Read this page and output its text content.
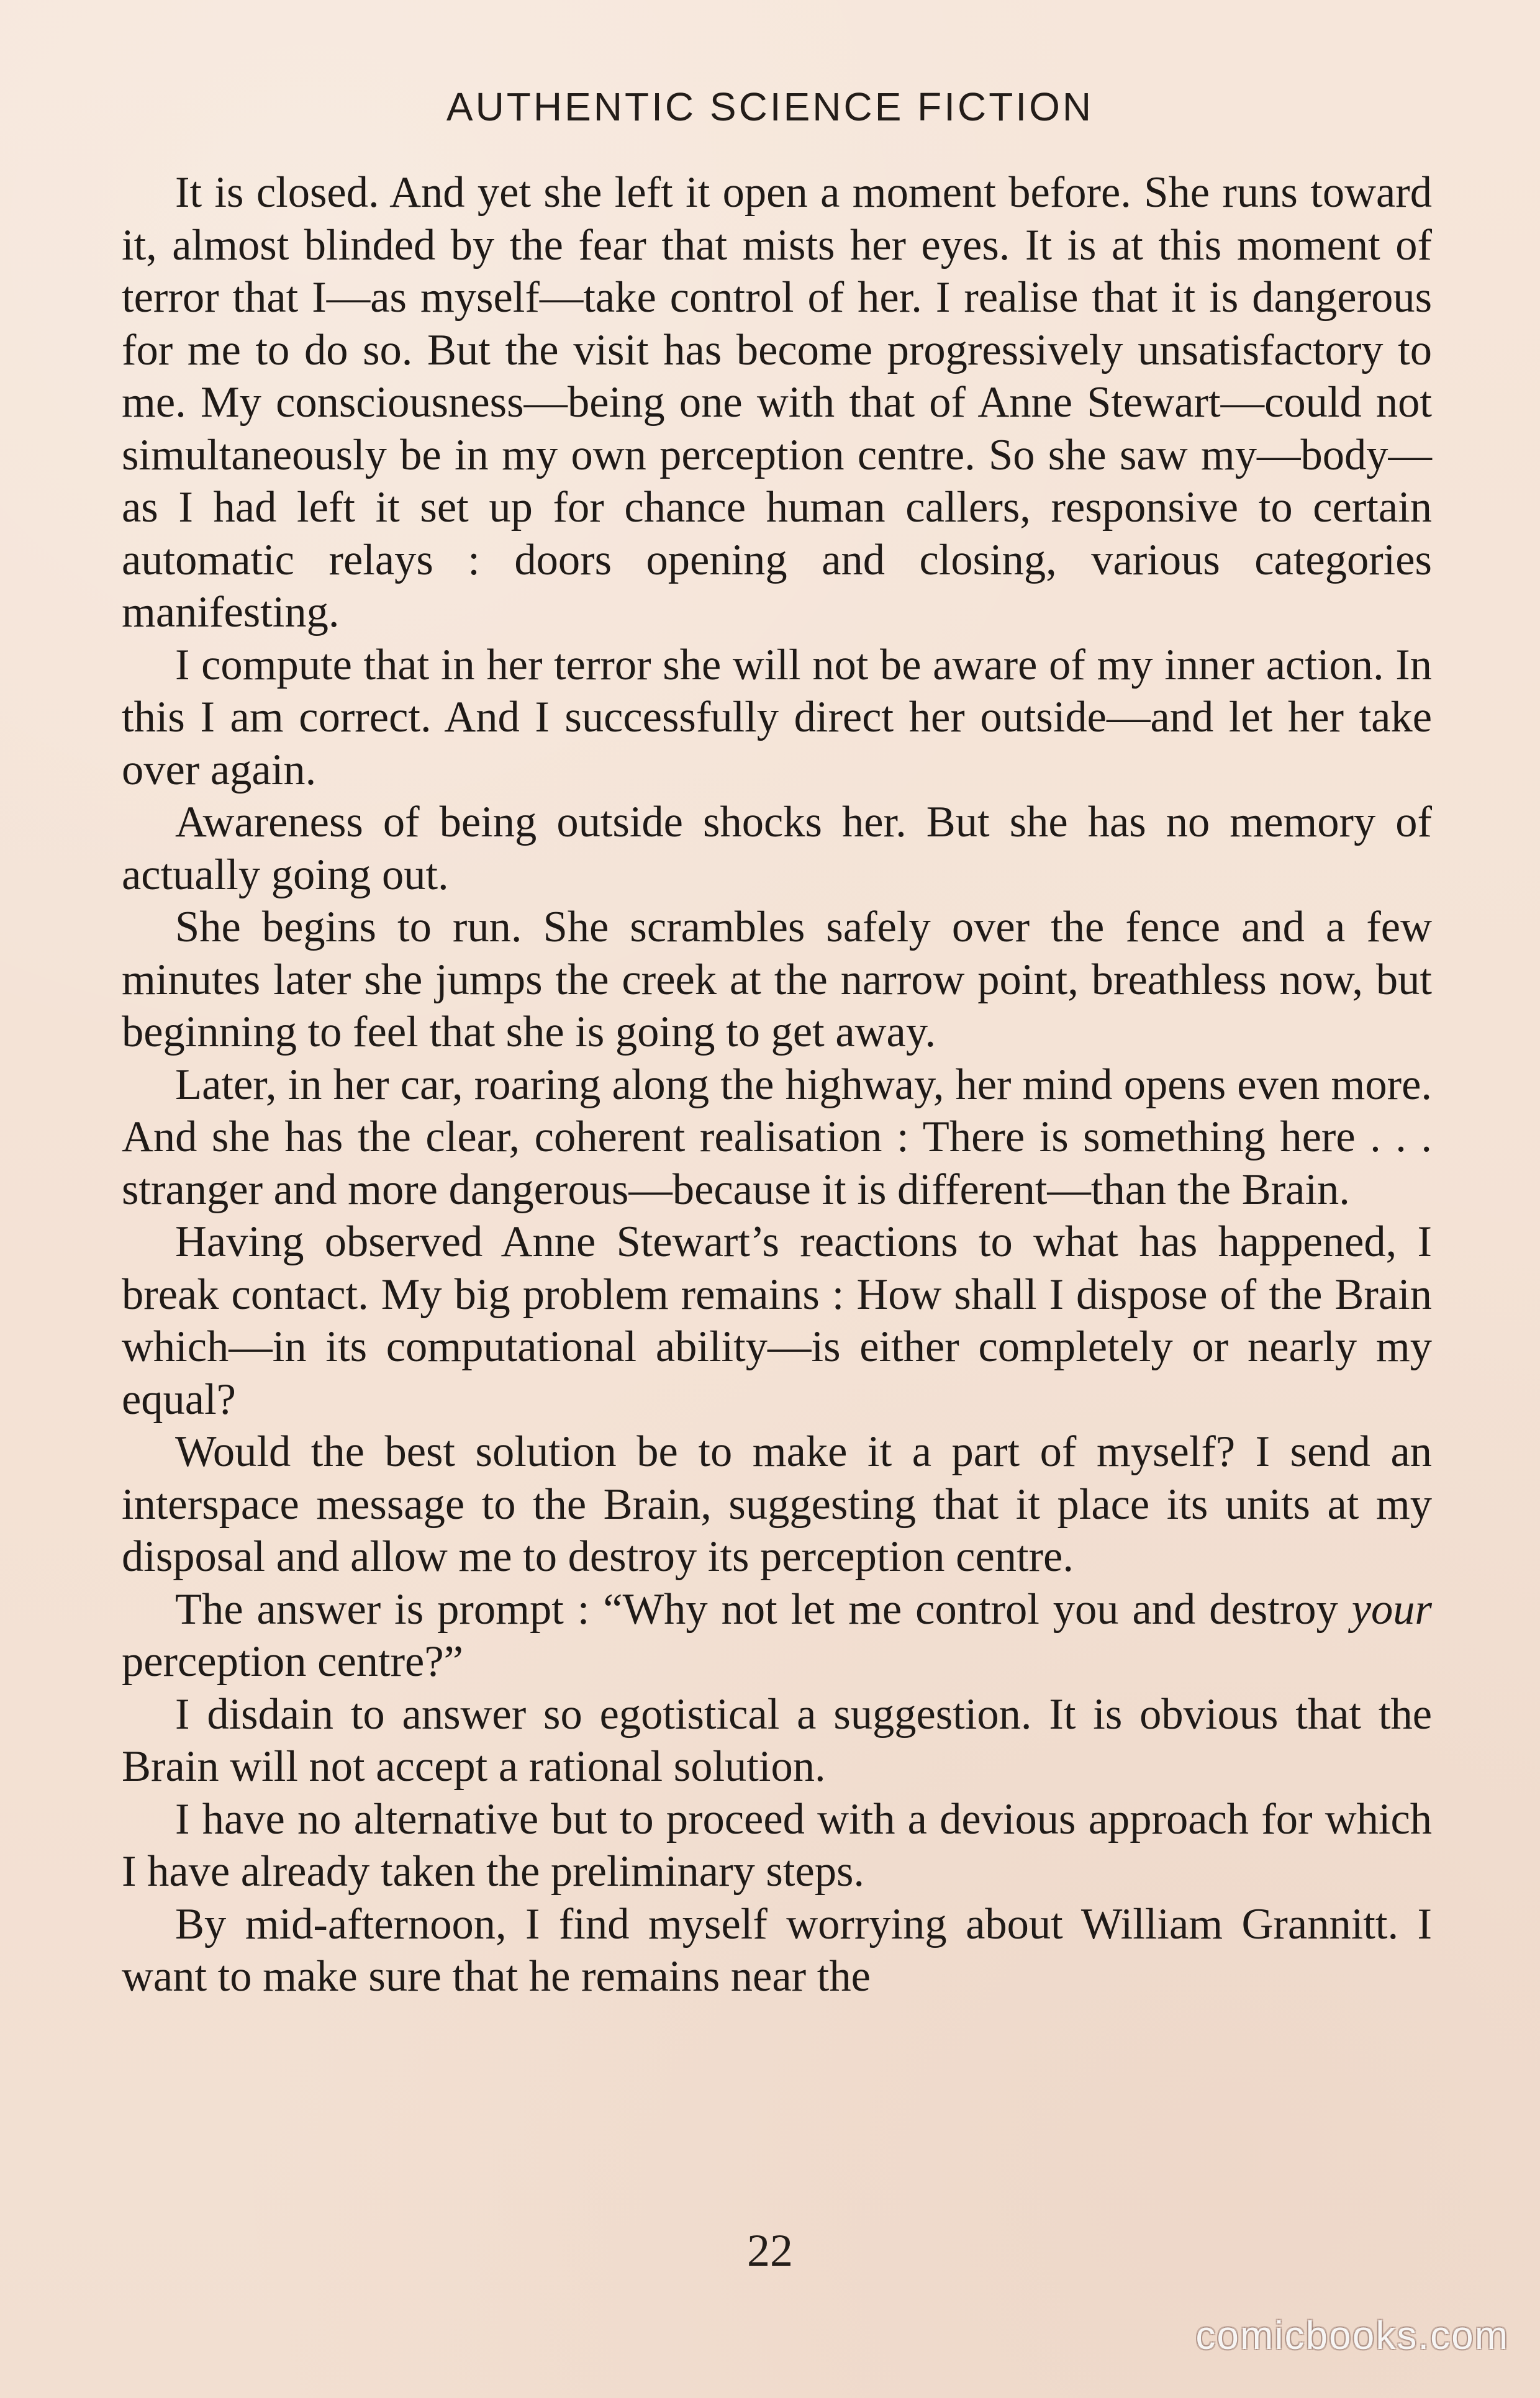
AUTHENTIC SCIENCE FICTION

It is closed. And yet she left it open a moment before. She runs toward it, almost blinded by the fear that mists her eyes. It is at this moment of terror that I—as myself—take control of her. I realise that it is dangerous for me to do so. But the visit has become progressively unsatisfactory to me. My consciousness—being one with that of Anne Stewart—could not simultaneously be in my own perception centre. So she saw my—body—as I had left it set up for chance human callers, responsive to certain automatic relays : doors opening and closing, various categories manifesting.

I compute that in her terror she will not be aware of my inner action. In this I am correct. And I successfully direct her outside—and let her take over again.

Awareness of being outside shocks her. But she has no memory of actually going out.

She begins to run. She scrambles safely over the fence and a few minutes later she jumps the creek at the narrow point, breathless now, but beginning to feel that she is going to get away.

Later, in her car, roaring along the highway, her mind opens even more. And she has the clear, coherent realisation : There is something here . . . stranger and more dangerous—because it is different—than the Brain.

Having observed Anne Stewart’s reactions to what has happened, I break contact. My big problem remains : How shall I dispose of the Brain which—in its computational ability—is either completely or nearly my equal?

Would the best solution be to make it a part of myself? I send an interspace message to the Brain, suggesting that it place its units at my disposal and allow me to destroy its perception centre.

The answer is prompt : “Why not let me control you and destroy your perception centre?”

I disdain to answer so egotistical a suggestion. It is obvious that the Brain will not accept a rational solution.

I have no alternative but to proceed with a devious approach for which I have already taken the preliminary steps.

By mid-afternoon, I find myself worrying about William Grannitt. I want to make sure that he remains near the

22
comicbooks.com
